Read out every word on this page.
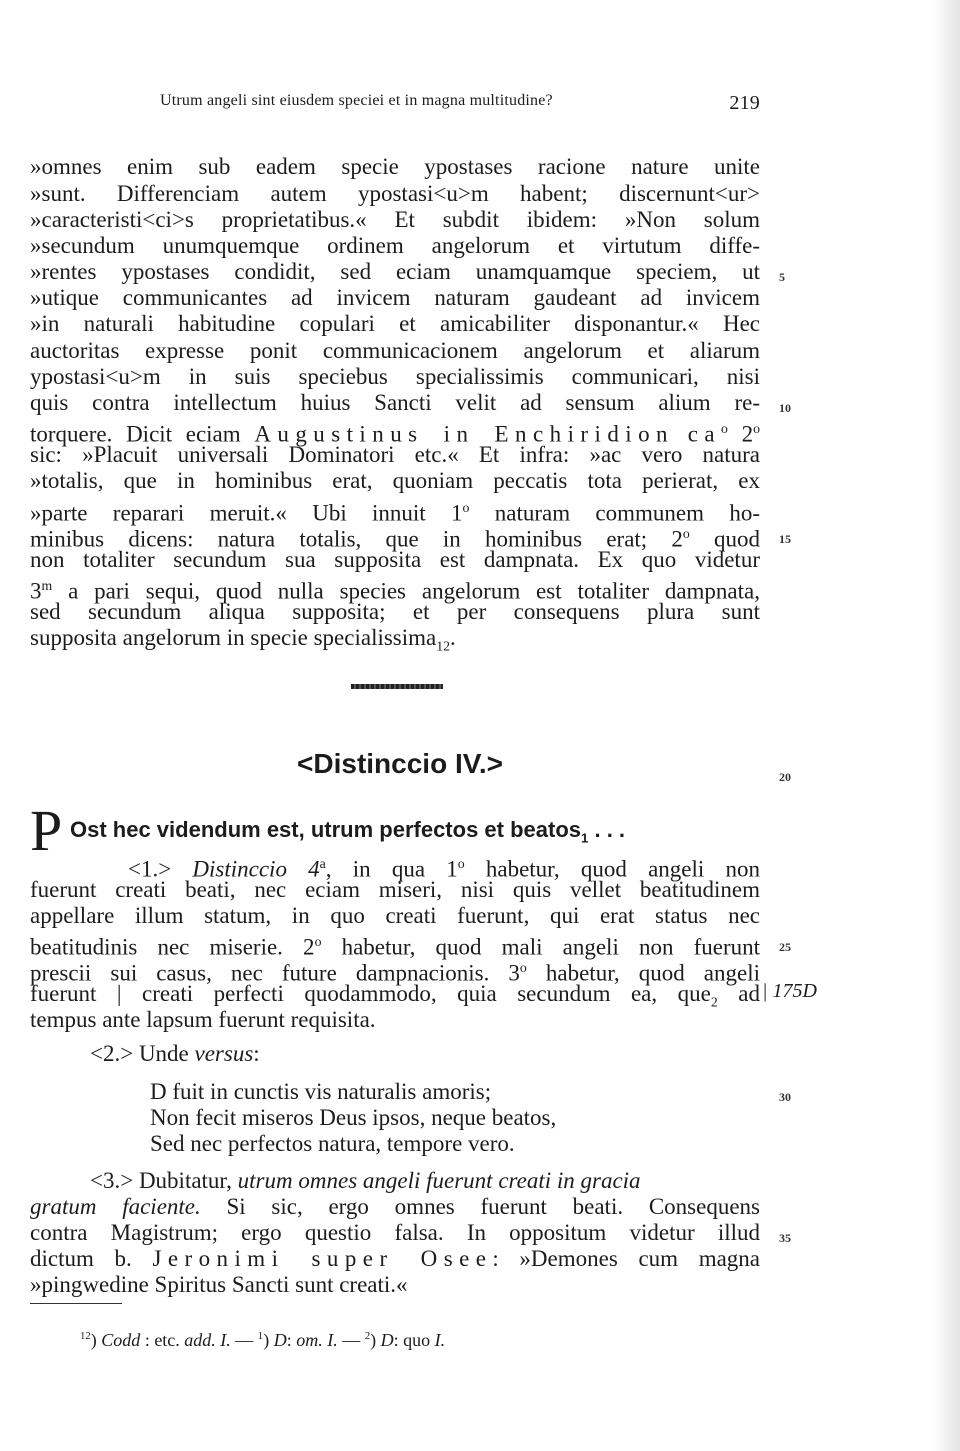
Utrum angeli sint eiusdem speciei et in magna multitudine?	219
»omnes enim sub eadem specie ypostases racione nature unite
»sunt. Differenciam autem ypostasi<u>m habent; discernunt<ur>
»caracteristi<ci>s proprietatibus.« Et subdit ibidem: »Non solum
»secundum unumquemque ordinem angelorum et virtutum diffe-
»rentes ypostases condidit, sed eciam unamquamque speciem, ut
»utique communicantes ad invicem naturam gaudeant ad invicem
»in naturali habitudine copulari et amicabiliter disponantur.« Hec
auctoritas expresse ponit communicacionem angelorum et aliarum
ypostasi<u>m in suis speciebus specialissimis communicari, nisi
quis contra intellectum huius Sancti velit ad sensum alium re-
torquere. Dicit eciam Augustinus in Enchiridion $ca^o$ 2$^o$
sic: »Placuit universali Dominatori etc.« Et infra: »ac vero natura
»totalis, que in hominibus erat, quoniam peccatis tota perierat, ex
»parte reparari meruit.« Ubi innuit 1$^o$ naturam communem ho-
minibus dicens: natura totalis, que in hominibus erat; 2$^o$ quod
non totaliter secundum sua supposita est dampnata. Ex quo videtur
3$^m$ a pari sequi, quod nulla species angelorum est totaliter dampnata,
sed secundum aliqua supposita; et per consequens plura sunt
supposita angelorum in specie specialissima$_{12}$.
<Distinccio IV.>
P Ost hec videndum est, utrum perfectos et beatos$_1$ . . .
<1.> Distinccio 4$^a$, in qua 1$^o$ habetur, quod angeli non
fuerunt creati beati, nec eciam miseri, nisi quis vellet beatitudinem
appellare illum statum, in quo creati fuerunt, qui erat status nec
beatitudinis nec miserie. 2$^o$ habetur, quod mali angeli non fuerunt
prescii sui casus, nec future dampnacionis. 3$^o$ habetur, quod angeli
fuerunt | creati perfecti quodammodo, quia secundum ea, que$_2$ ad
tempus ante lapsum fuerunt requisita.
<2.> Unde versus:
D fuit in cunctis vis naturalis amoris;
Non fecit miseros Deus ipsos, neque beatos,
Sed nec perfectos natura, tempore vero.
<3.> Dubitatur, utrum omnes angeli fuerunt creati in gracia
gratum faciente. Si sic, ergo omnes fuerunt beati. Consequens
contra Magistrum; ergo questio falsa. In oppositum videtur illud
dictum b. Jeronimi super Osee: »Demones cum magna
»pingwedine Spiritus Sancti sunt creati.«
5
10
15
20
25
30
35
| 175D
$^{12}$) Codd : etc. add. I. — $^1$) D: om. I. — $^2$) D: quo I.
